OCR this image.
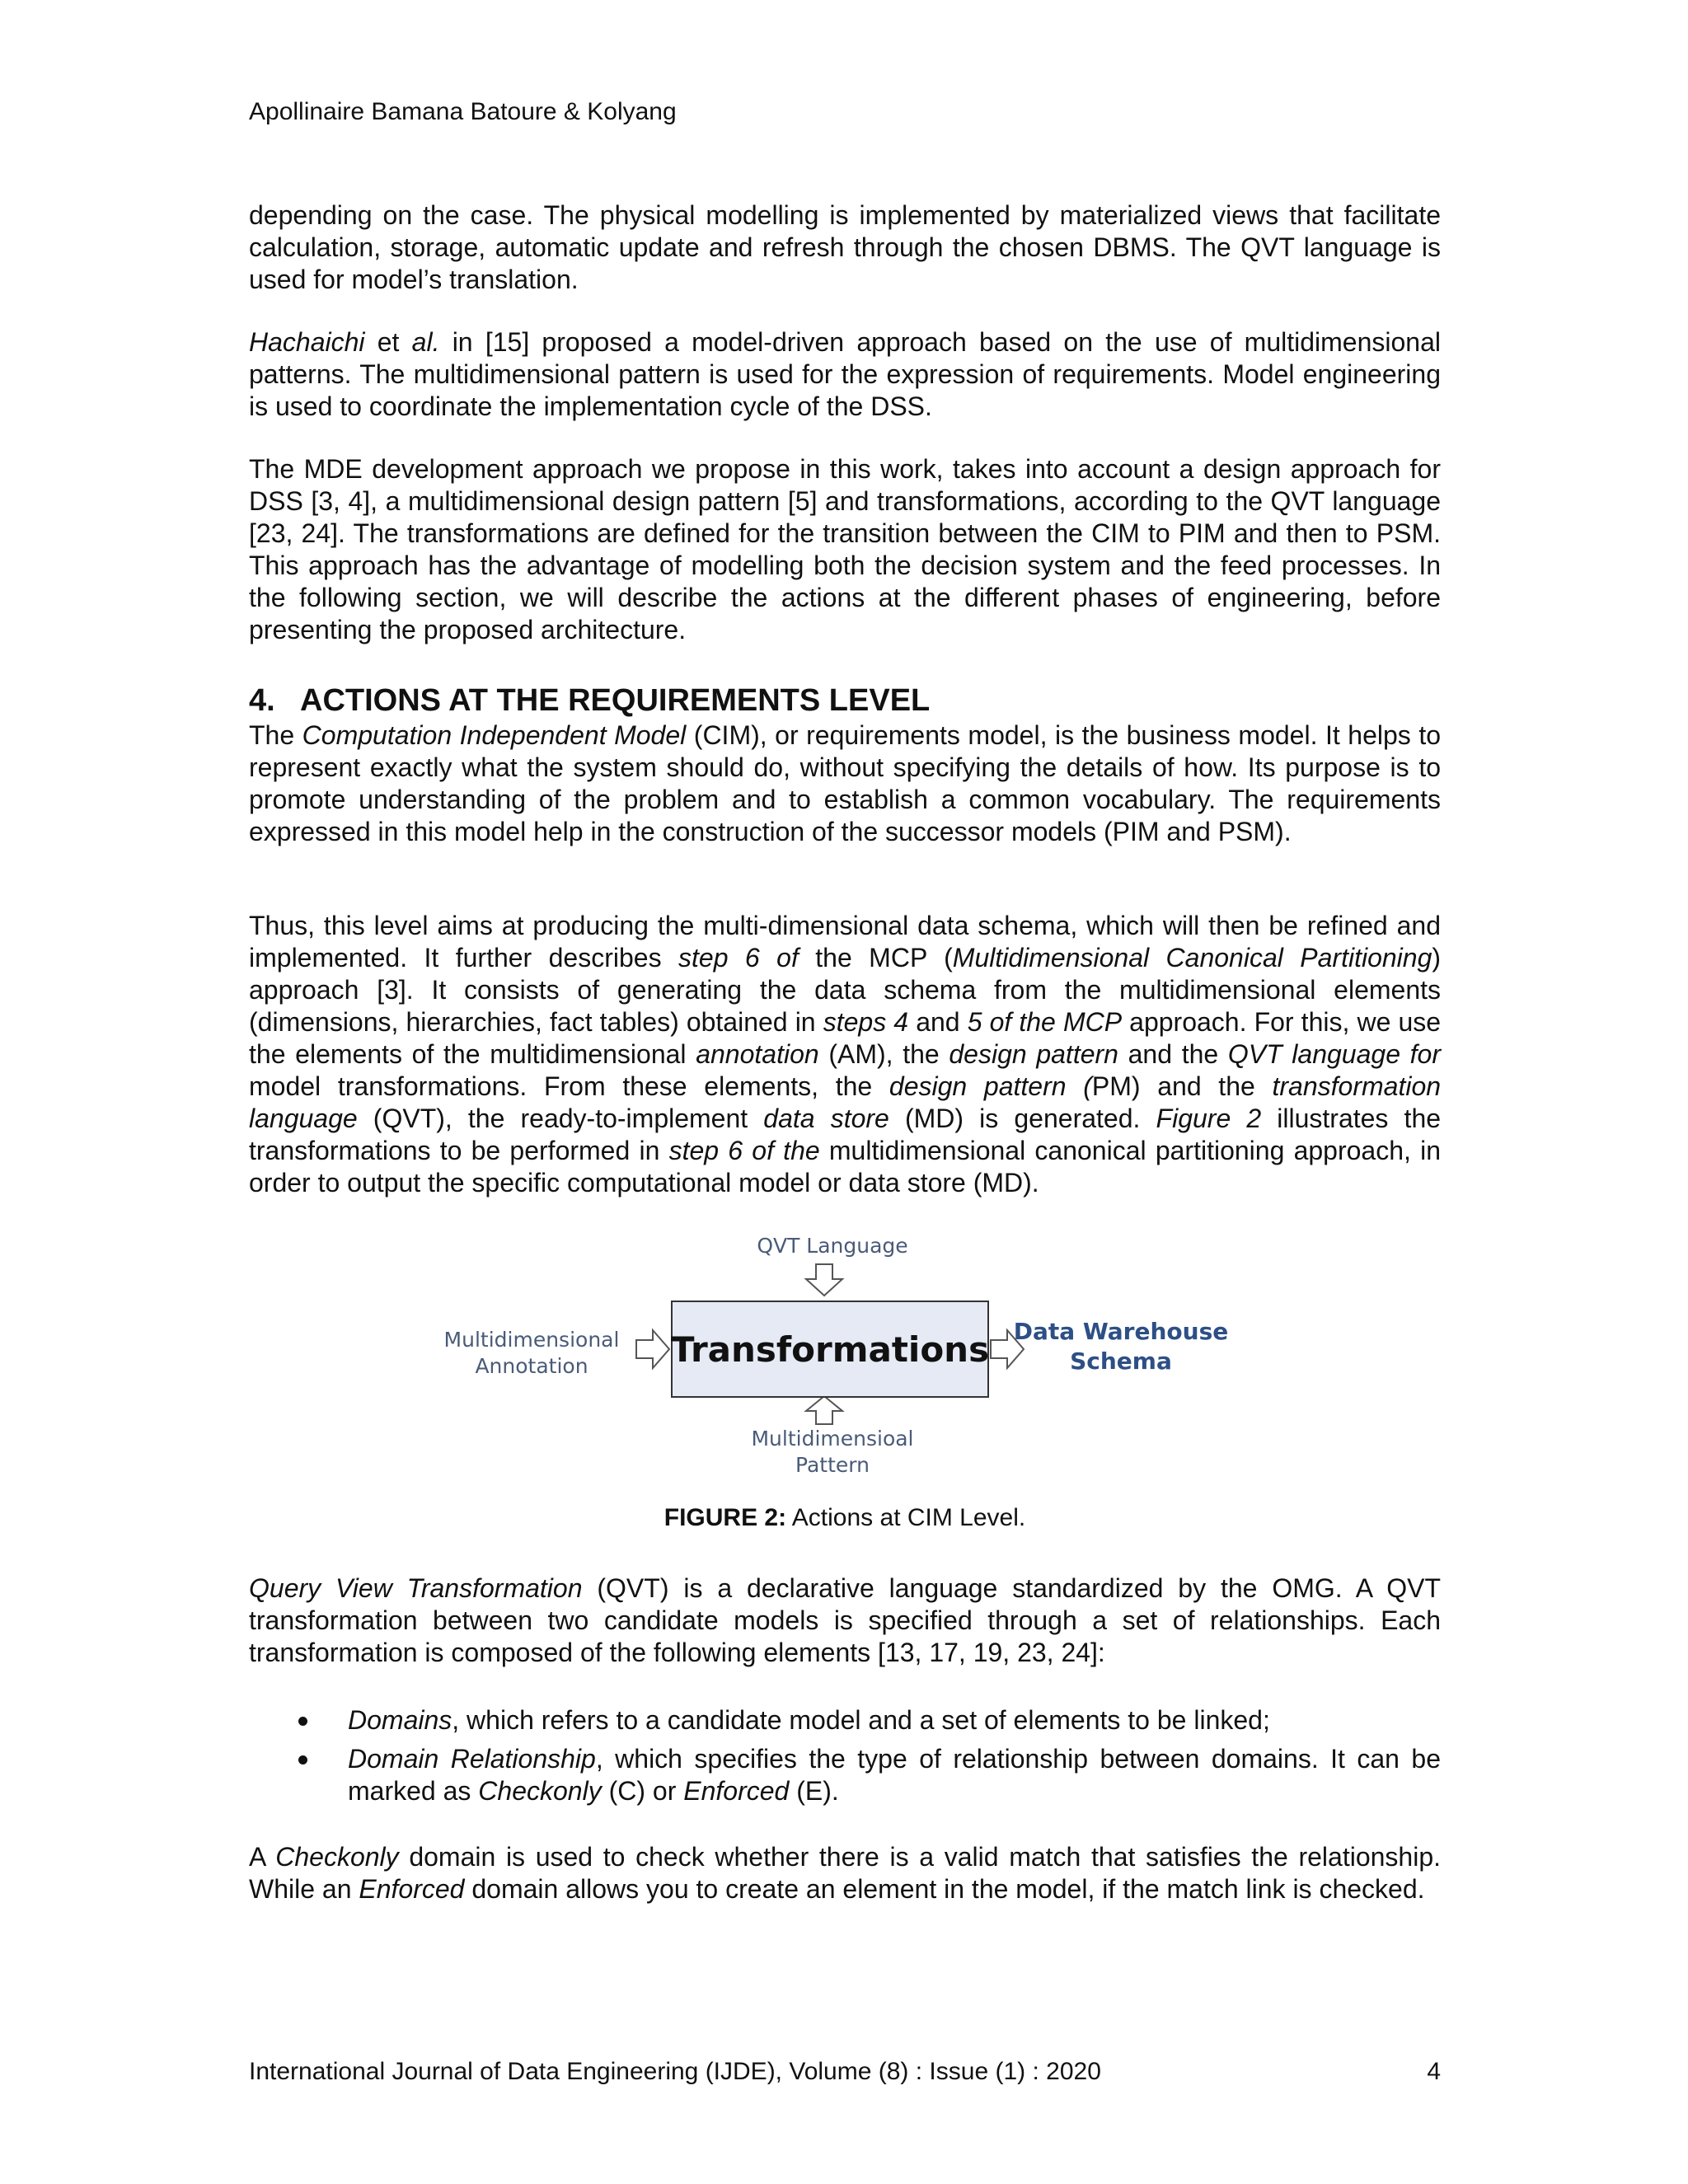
Apollinaire Bamana Batoure & Kolyang

depending on the case. The physical modelling is implemented by materialized views that facilitate calculation, storage, automatic update and refresh through the chosen DBMS. The QVT language is used for model’s translation.

Hachaichi et al. in [15] proposed a model-driven approach based on the use of multidimensional patterns. The multidimensional pattern is used for the expression of requirements. Model engineering is used to coordinate the implementation cycle of the DSS.

The MDE development approach we propose in this work, takes into account a design approach for DSS [3, 4], a multidimensional design pattern [5] and transformations, according to the QVT language [23, 24]. The transformations are defined for the transition between the CIM to PIM and then to PSM. This approach has the advantage of modelling both the decision system and the feed processes. In the following section, we will describe the actions at the different phases of engineering, before presenting the proposed architecture.

4. ACTIONS AT THE REQUIREMENTS LEVEL

The Computation Independent Model (CIM), or requirements model, is the business model. It helps to represent exactly what the system should do, without specifying the details of how. Its purpose is to promote understanding of the problem and to establish a common vocabulary. The requirements expressed in this model help in the construction of the successor models (PIM and PSM).

Thus, this level aims at producing the multi-dimensional data schema, which will then be refined and implemented. It further describes step 6 of the MCP (Multidimensional Canonical Partitioning) approach [3]. It consists of generating the data schema from the multidimensional elements (dimensions, hierarchies, fact tables) obtained in steps 4 and 5 of the MCP approach. For this, we use the elements of the multidimensional annotation (AM), the design pattern and the QVT language for model transformations. From these elements, the design pattern (PM) and the transformation language (QVT), the ready-to-implement data store (MD) is generated. Figure 2 illustrates the transformations to be performed in step 6 of the multidimensional canonical partitioning approach, in order to output the specific computational model or data store (MD).

QVT Language
Multidimensional
Annotation	Transformations	Data Warehouse
Schema
Multidimensioal
Pattern
FIGURE 2: Actions at CIM Level.

Query View Transformation (QVT) is a declarative language standardized by the OMG. A QVT transformation between two candidate models is specified through a set of relationships. Each transformation is composed of the following elements [13, 17, 19, 23, 24]:

Domains, which refers to a candidate model and a set of elements to be linked;
Domain Relationship, which specifies the type of relationship between domains. It can be marked as Checkonly (C) or Enforced (E).

A Checkonly domain is used to check whether there is a valid match that satisfies the relationship. While an Enforced domain allows you to create an element in the model, if the match link is checked.

International Journal of Data Engineering (IJDE), Volume (8) : Issue (1) : 2020	4
